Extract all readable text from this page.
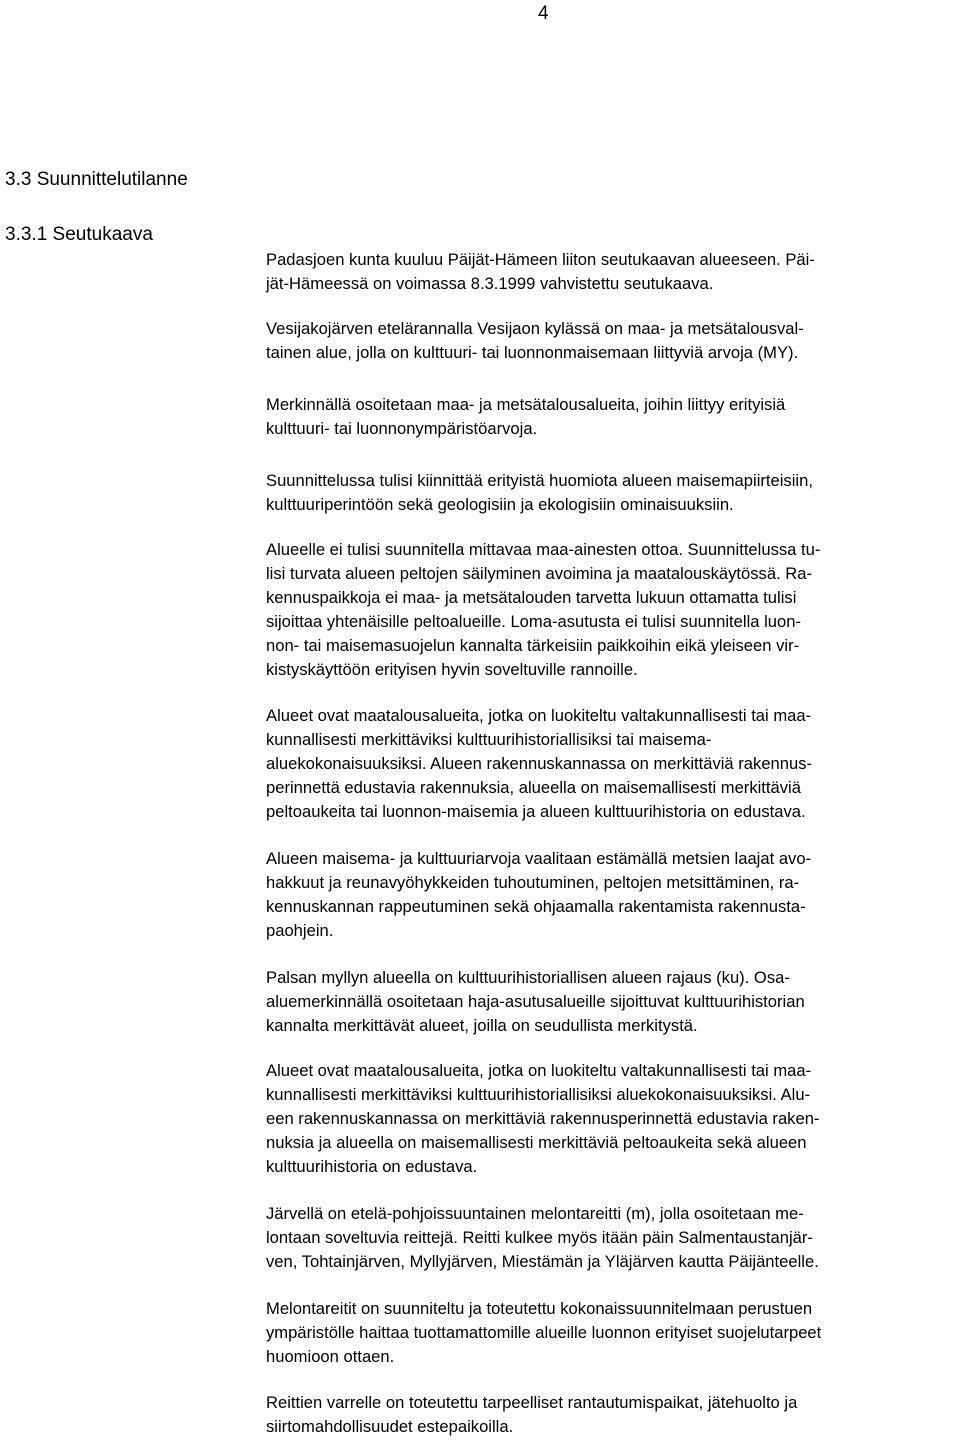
4
3.3 Suunnittelutilanne
3.3.1 Seutukaava

Padasjoen kunta kuuluu Päijät-Hämeen liiton seutukaavan alueeseen. Päi-
jät-Hämeessä on voimassa 8.3.1999 vahvistettu seutukaava.

Vesijakojärven etelärannalla Vesijaon kylässä on maa- ja metsätalousval-
tainen alue, jolla on kulttuuri- tai luonnonmaisemaan liittyviä arvoja (MY).

Merkinnällä osoitetaan maa- ja metsätalousalueita, joihin liittyy erityisiä
kulttuuri- tai luonnonympäristöarvoja.

Suunnittelussa tulisi kiinnittää erityistä huomiota alueen maisemapiirteisiin,
kulttuuriperintöön sekä geologisiin ja ekologisiin ominaisuuksiin.

Alueelle ei tulisi suunnitella mittavaa maa-ainesten ottoa. Suunnittelussa tu-
lisi turvata alueen peltojen säilyminen avoimina ja maatalouskäytössä. Ra-
kennuspaikkoja ei maa- ja metsätalouden tarvetta lukuun ottamatta tulisi
sijoittaa yhtenäisille peltoalueille. Loma-asutusta ei tulisi suunnitella luon-
non- tai maisemasuojelun kannalta tärkeisiin paikkoihin eikä yleiseen vir-
kistyskäyttöön erityisen hyvin soveltuville rannoille.

Alueet ovat maatalousalueita, jotka on luokiteltu valtakunnallisesti tai maa-
kunnallisesti merkittäviksi kulttuurihistoriallisiksi tai maisema-
aluekokonaisuuksiksi. Alueen rakennuskannassa on merkittäviä rakennus-
perinnettä edustavia rakennuksia, alueella on maisemallisesti merkittäviä
peltoaukeita tai luonnon-maisemia ja alueen kulttuurihistoria on edustava.

Alueen maisema- ja kulttuuriarvoja vaalitaan estämällä metsien laajat avo-
hakkuut ja reunavyöhykkeiden tuhoutuminen, peltojen metsittäminen, ra-
kennuskannan rappeutuminen sekä ohjaamalla rakentamista rakennusta-
paohjein.

Palsan myllyn alueella on kulttuurihistoriallisen alueen rajaus (ku). Osa-
aluemerkinnällä osoitetaan haja-asutusalueille sijoittuvat kulttuurihistorian
kannalta merkittävät alueet, joilla on seudullista merkitystä.

Alueet ovat maatalousalueita, jotka on luokiteltu valtakunnallisesti tai maa-
kunnallisesti merkittäviksi kulttuurihistoriallisiksi aluekokonaisuuksiksi. Alu-
een rakennuskannassa on merkittäviä rakennusperinnettä edustavia raken-
nuksia ja alueella on maisemallisesti merkittäviä peltoaukeita sekä alueen
kulttuurihistoria on edustava.

Järvellä on etelä-pohjoissuuntainen melontareitti (m), jolla osoitetaan me-
lontaan soveltuvia reittejä. Reitti kulkee myös itään päin Salmentaustanjär-
ven, Tohtainjärven, Myllyjärven, Miestämän ja Yläjärven kautta Päijänteelle.

Melontareitit on suunniteltu ja toteutettu kokonaissuunnitelmaan perustuen
ympäristölle haittaa tuottamattomille alueille luonnon erityiset suojelutarpeet
huomioon ottaen.

Reittien varrelle on toteutettu tarpeelliset rantautumispaikat, jätehuolto ja
siirtomahdollisuudet estepaikoilla.
